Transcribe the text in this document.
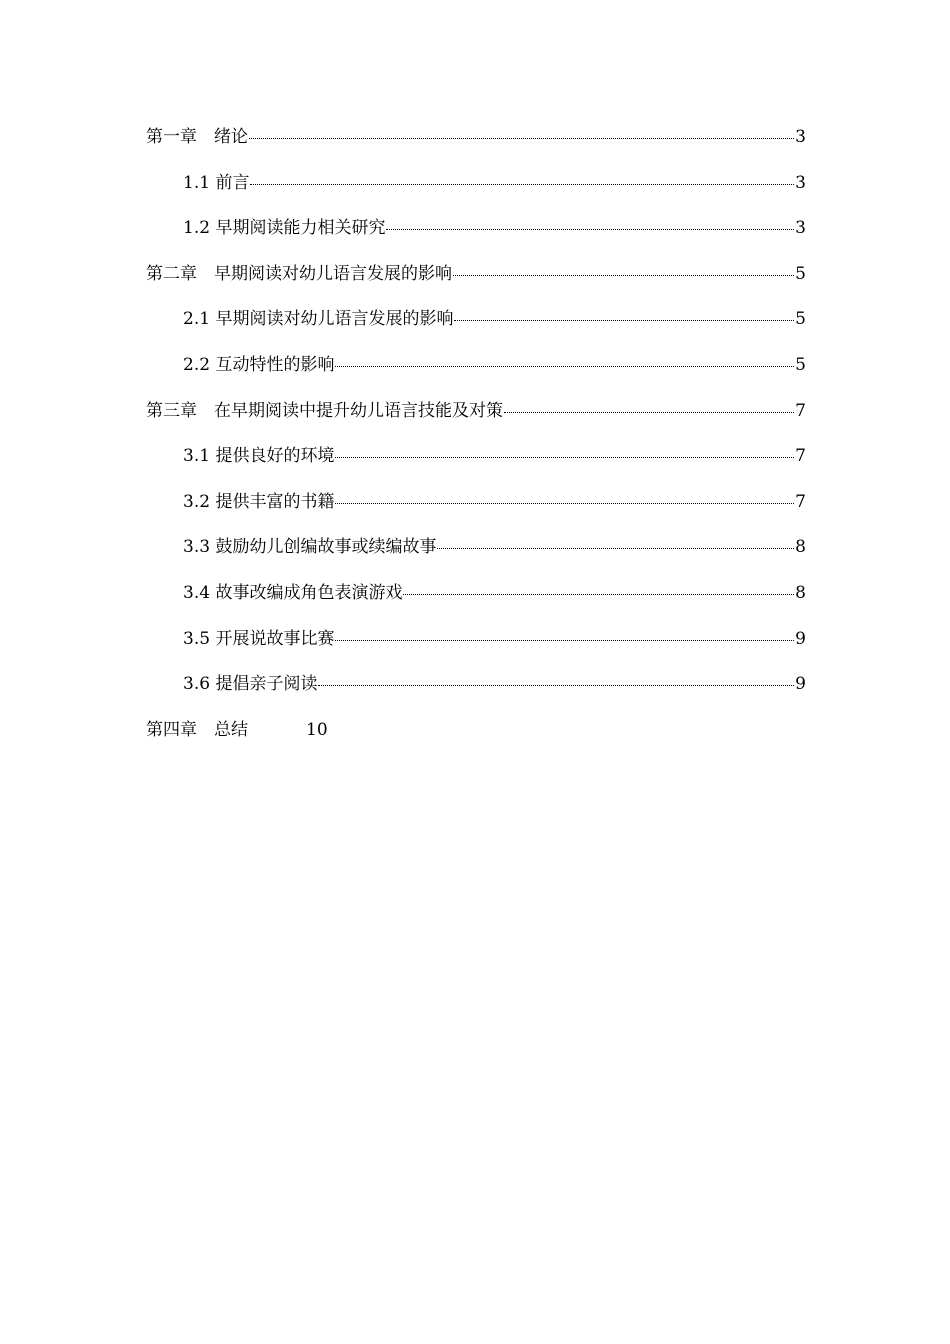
第一章　绪论	3
1.1 前言	3
1.2 早期阅读能力相关研究	3
第二章　早期阅读对幼儿语言发展的影响	5
2.1 早期阅读对幼儿语言发展的影响	5
2.2 互动特性的影响	5
第三章　在早期阅读中提升幼儿语言技能及对策	7
3.1 提供良好的环境	7
3.2 提供丰富的书籍	7
3.3 鼓励幼儿创编故事或续编故事	8
3.4 故事改编成角色表演游戏	8
3.5 开展说故事比赛	9
3.6 提倡亲子阅读	9
第四章　总结	10
